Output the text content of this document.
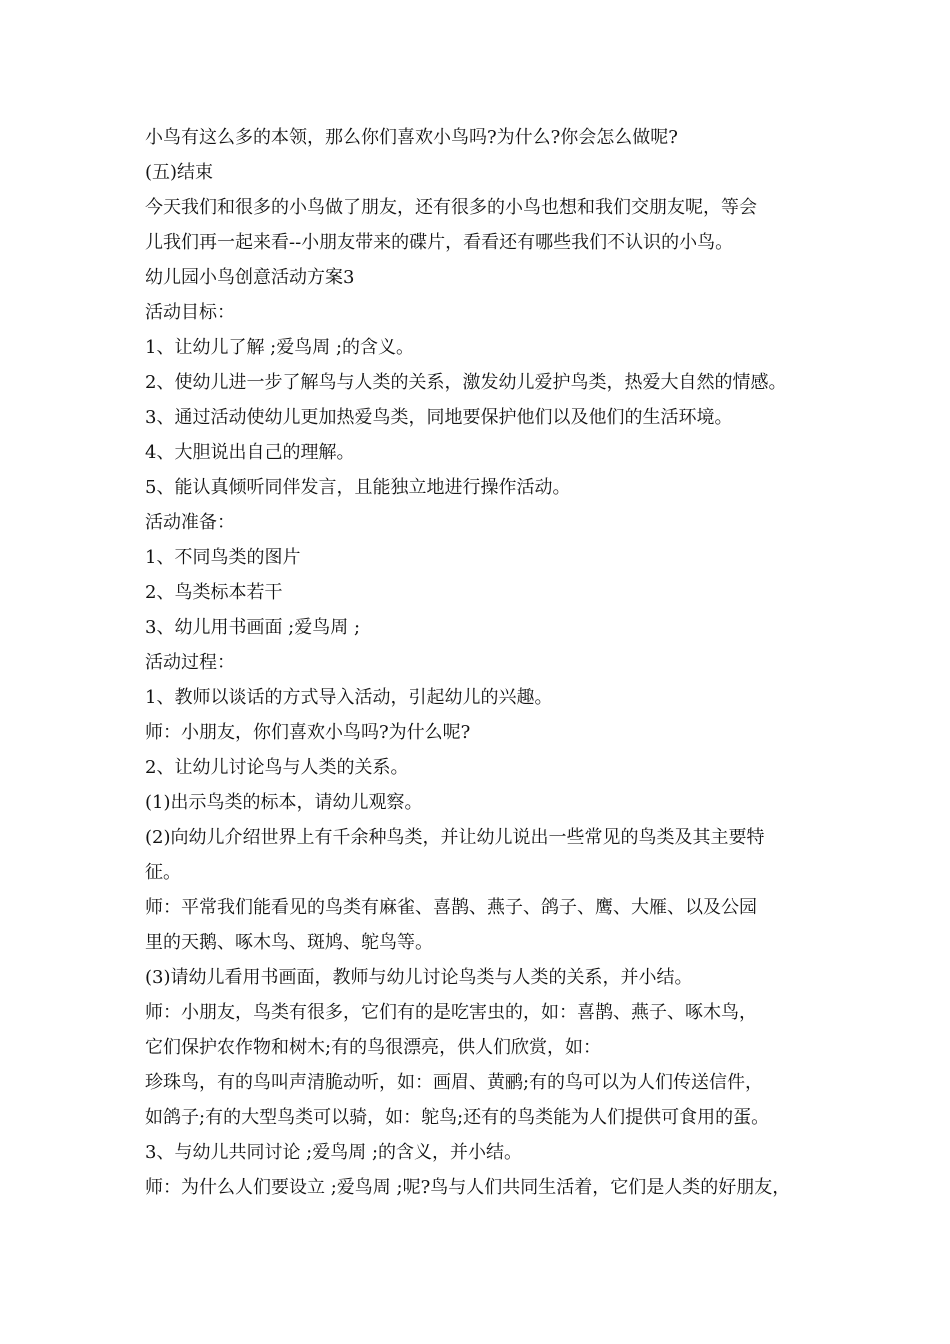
小鸟有这么多的本领，那么你们喜欢小鸟吗?为什么?你会怎么做呢?
(五)结束
今天我们和很多的小鸟做了朋友，还有很多的小鸟也想和我们交朋友呢，等会
儿我们再一起来看--小朋友带来的碟片，看看还有哪些我们不认识的小鸟。
幼儿园小鸟创意活动方案3
活动目标：
1、让幼儿了解 ;爱鸟周 ;的含义。
2、使幼儿进一步了解鸟与人类的关系，激发幼儿爱护鸟类，热爱大自然的情感。
3、通过活动使幼儿更加热爱鸟类，同地要保护他们以及他们的生活环境。
4、大胆说出自己的理解。
5、能认真倾听同伴发言，且能独立地进行操作活动。
活动准备：
1、不同鸟类的图片
2、鸟类标本若干
3、幼儿用书画面 ;爱鸟周 ;
活动过程：
1、教师以谈话的方式导入活动，引起幼儿的兴趣。
师：小朋友，你们喜欢小鸟吗?为什么呢?
2、让幼儿讨论鸟与人类的关系。
(1)出示鸟类的标本，请幼儿观察。
(2)向幼儿介绍世界上有千余种鸟类，并让幼儿说出一些常见的鸟类及其主要特
征。
师：平常我们能看见的鸟类有麻雀、喜鹊、燕子、鸽子、鹰、大雁、以及公园
里的天鹅、啄木鸟、斑鸠、鸵鸟等。
(3)请幼儿看用书画面，教师与幼儿讨论鸟类与人类的关系，并小结。
师：小朋友，鸟类有很多，它们有的是吃害虫的，如：喜鹊、燕子、啄木鸟，
它们保护农作物和树木;有的鸟很漂亮，供人们欣赏，如：
珍珠鸟，有的鸟叫声清脆动听，如：画眉、黄鹂;有的鸟可以为人们传送信件，
如鸽子;有的大型鸟类可以骑，如：鸵鸟;还有的鸟类能为人们提供可食用的蛋。
3、与幼儿共同讨论 ;爱鸟周 ;的含义，并小结。
师：为什么人们要设立 ;爱鸟周 ;呢?鸟与人们共同生活着，它们是人类的好朋友，
